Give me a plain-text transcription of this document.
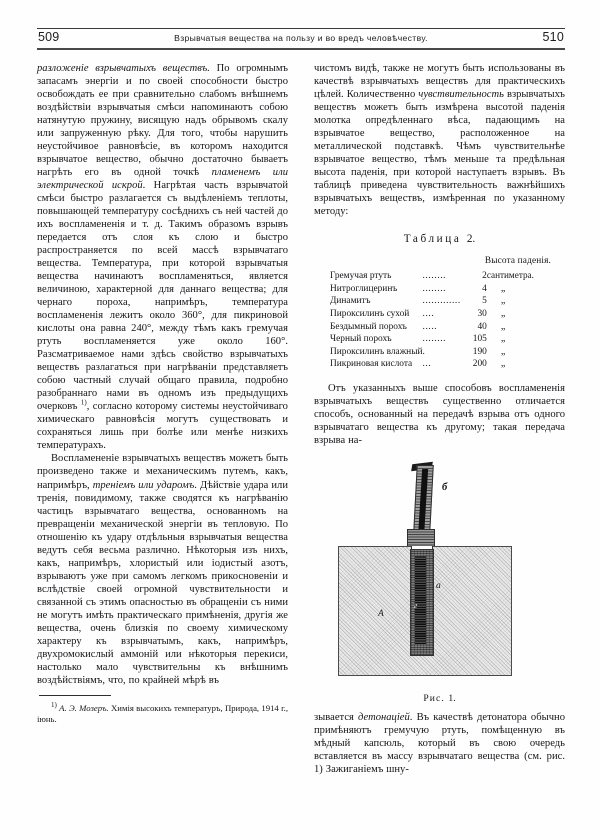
509	Взрывчатыя вещества на пользу и во вредъ человѣчеству.	510

разложеніе взрывчатыхъ веществъ. По огромнымъ запасамъ энергіи и по своей способности быстро освобождать ее при сравнительно слабомъ внѣшнемъ воздѣйствіи взрывчатыя смѣси напоминаютъ собою натянутую пружину, висящую надъ обрывомъ скалу или запруженную рѣку. Для того, чтобы нарушить неустойчивое равновѣсіе, въ которомъ находится взрывчатое вещество, обычно достаточно бываетъ нагрѣть его въ одной точкѣ пламенемъ или электрической искрой. Нагрѣтая часть взрывчатой смѣси быстро разлагается съ выдѣленіемъ теплоты, повышающей температуру сосѣднихъ съ ней частей до ихъ воспламененія и т. д. Такимъ образомъ взрывъ передается отъ слоя къ слою и быстро распространяется по всей массѣ взрывчатаго вещества. Температура, при которой взрывчатыя вещества начинаютъ воспламеняться, является величиною, характерной для даннаго вещества; для чернаго пороха, напримѣръ, температура воспламененія лежитъ около 360°, для пикриновой кислоты она равна 240°, между тѣмъ какъ гремучая ртуть воспламеняется уже около 160°. Разсматриваемое нами здѣсь свойство взрывчатыхъ веществъ разлагаться при нагрѣваніи представляетъ собою частный случай общаго правила, подробно разобраннаго нами въ одномъ изъ предыдущихъ очерковъ $^{1)}$, согласно которому системы неустойчиваго химическаго равновѣсія могутъ существовать и сохраняться лишь при болѣе или менѣе низкихъ температурахъ.

Воспламененіе взрывчатыхъ веществъ можетъ быть произведено также и механическимъ путемъ, какъ, напримѣръ, треніемъ или ударомъ. Дѣйствіе удара или тренія, повидимому, также сводятся къ нагрѣванію частицъ взрывчатаго вещества, основанномъ на превращеніи механической энергіи въ тепловую. По отношенію къ удару отдѣльныя взрывчатыя вещества ведутъ себя весьма различно. Нѣкоторыя изъ нихъ, какъ, напримѣръ, хлористый или іодистый азотъ, взрываютъ уже при самомъ легкомъ прикосновеніи и вслѣдствіе своей огромной чувствительности и связанной съ этимъ опасностью въ обращеніи съ ними не могутъ имѣть практическаго примѣненія, другія же вещества, очень близкія по своему химическому характеру къ взрывчатымъ, какъ, напримѣръ, двухромокислый аммоній или нѣкоторыя перекиси, настолько мало чувствительны къ внѣшнимъ воздѣйствіямъ, что, по крайней мѣрѣ въ

$^{1)}$ А. Э. Мозеръ. Химія высокихъ температуръ, Природа, 1914 г., іюнь.

чистомъ видѣ, также не могутъ быть использованы въ качествѣ взрывчатыхъ веществъ для практическихъ цѣлей. Количественно чувствительность взрывчатыхъ веществъ можетъ быть измѣрена высотой паденія молотка опредѣленнаго вѣса, падающимъ на взрывчатое вещество, расположенное на металлической подставкѣ. Чѣмъ чувствительнѣе взрывчатое вещество, тѣмъ меньше та предѣльная высота паденія, при которой наступаетъ взрывъ. Въ таблицѣ приведена чувствительность важнѣйшихъ взрывчатыхъ веществъ, измѣренная по указанному методу:

Таблица 2.
Высота паденія.
Гремучая ртуть	........	2	сантиметра.
Нитроглицеринъ	........	4	„
Динамитъ	.............	5	„
Пироксилинъ сухой	....	30	„
Бездымный порохъ	.....	40	„
Черный порохъ	........	105	„
Пироксилинъ влажный	.	190	„
Пикриновая кислота	...	200	„

Отъ указанныхъ выше способовъ воспламененія взрывчатыхъ веществъ существенно отличается способъ, основанный на передачѣ взрыва отъ одного взрывчатаго вещества къ другому; такая передача взрыва на-

A
a
г
б
Рис. 1.

зывается детонаціей. Въ качествѣ детонатора обычно примѣняютъ гремучую ртуть, помѣщенную въ мѣдный капсюль, который въ свою очередь вставляется въ массу взрывчатаго вещества (см. рис. 1) Зажиганіемъ шну-
